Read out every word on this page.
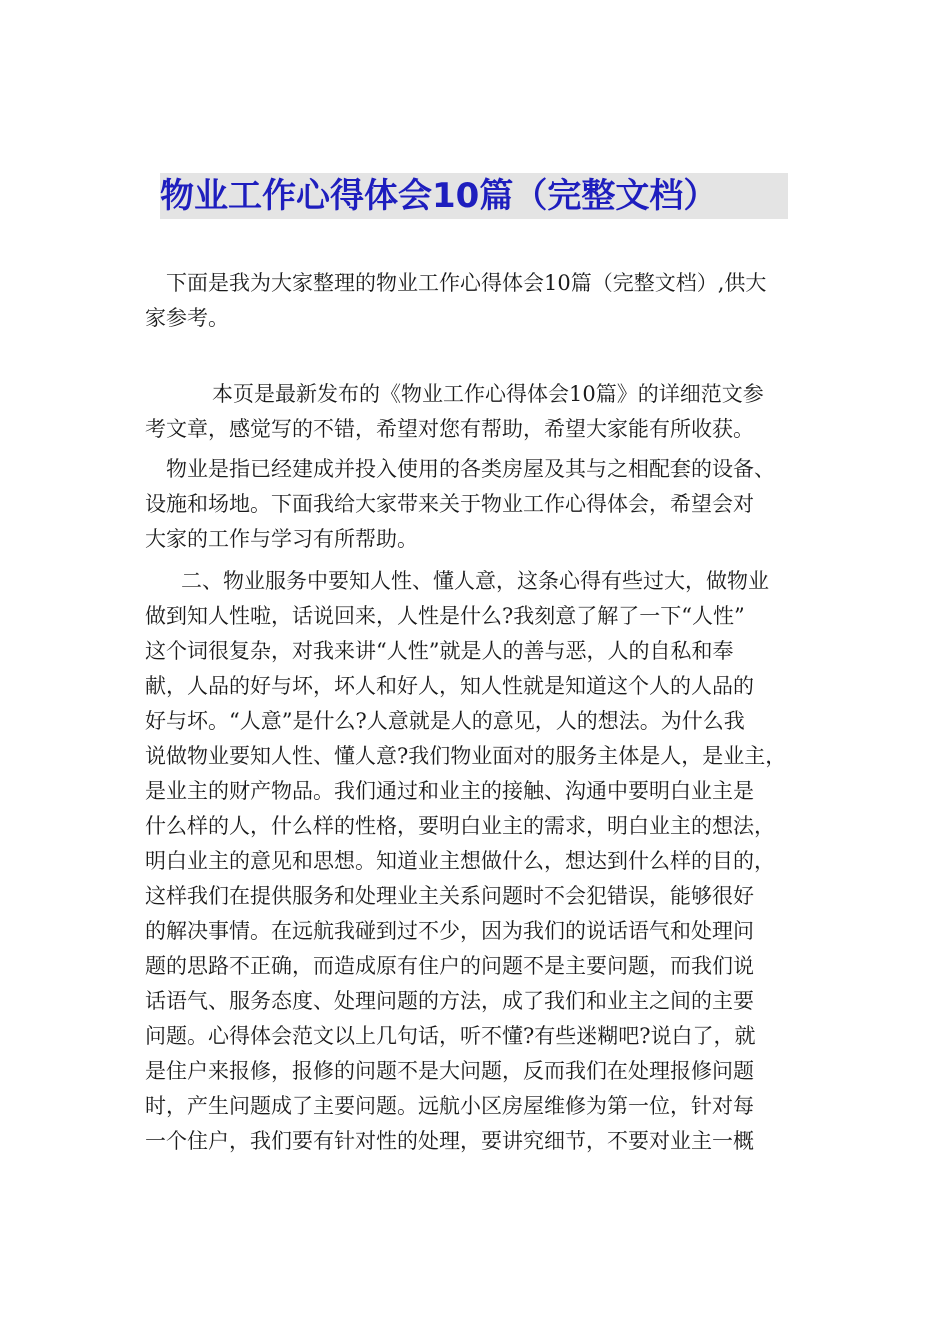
物业工作心得体会10篇（完整文档）
下面是我为大家整理的物业工作心得体会10篇（完整文档）,供大
家参考。
本页是最新发布的《物业工作心得体会10篇》的详细范文参
考文章，感觉写的不错，希望对您有帮助，希望大家能有所收获。
物业是指已经建成并投入使用的各类房屋及其与之相配套的设备、
设施和场地。下面我给大家带来关于物业工作心得体会，希望会对
大家的工作与学习有所帮助。
二、物业服务中要知人性、懂人意，这条心得有些过大，做物业
做到知人性啦，话说回来，人性是什么?我刻意了解了一下“人性”
这个词很复杂，对我来讲“人性”就是人的善与恶，人的自私和奉
献，人品的好与坏，坏人和好人，知人性就是知道这个人的人品的
好与坏。“人意”是什么?人意就是人的意见，人的想法。为什么我
说做物业要知人性、懂人意?我们物业面对的服务主体是人，是业主，
是业主的财产物品。我们通过和业主的接触、沟通中要明白业主是
什么样的人，什么样的性格，要明白业主的需求，明白业主的想法，
明白业主的意见和思想。知道业主想做什么，想达到什么样的目的，
这样我们在提供服务和处理业主关系问题时不会犯错误，能够很好
的解决事情。在远航我碰到过不少，因为我们的说话语气和处理问
题的思路不正确，而造成原有住户的问题不是主要问题，而我们说
话语气、服务态度、处理问题的方法，成了我们和业主之间的主要
问题。心得体会范文以上几句话，听不懂?有些迷糊吧?说白了，就
是住户来报修，报修的问题不是大问题，反而我们在处理报修问题
时，产生问题成了主要问题。远航小区房屋维修为第一位，针对每
一个住户，我们要有针对性的处理，要讲究细节，不要对业主一概
